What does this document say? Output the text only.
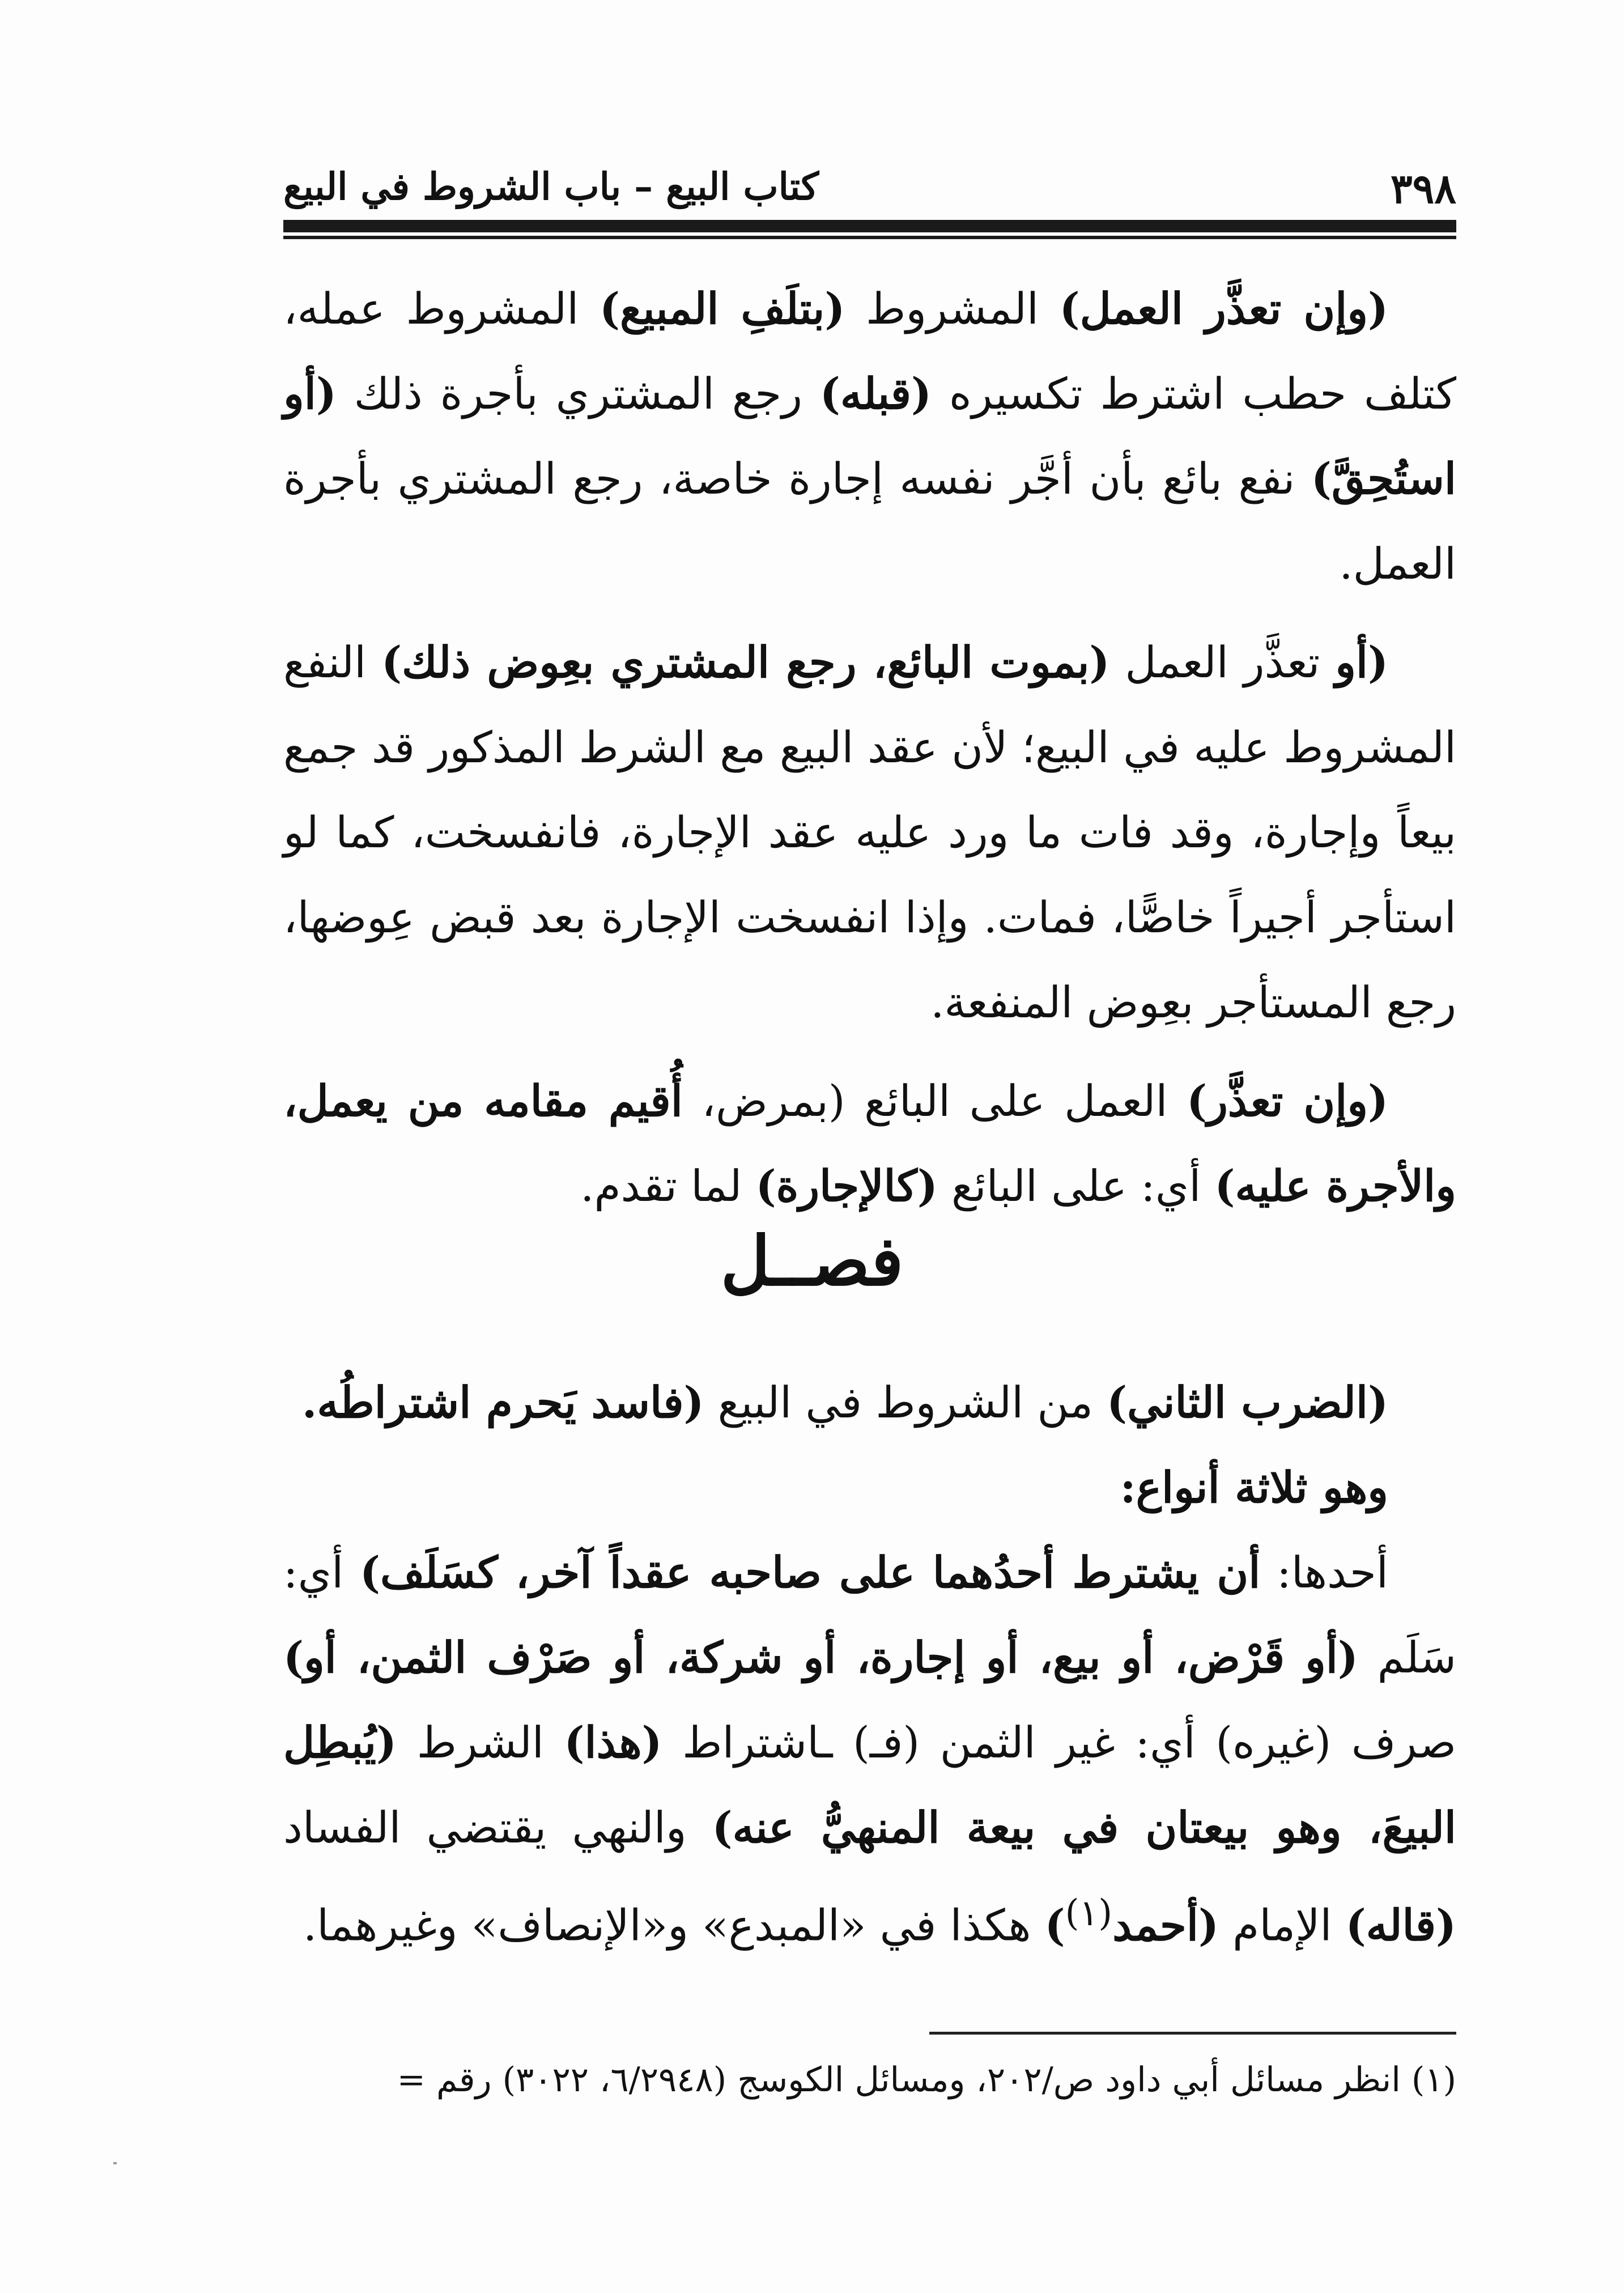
٣٩٨
كتاب البيع – باب الشروط في البيع

(وإن تعذَّر العمل) المشروط (بتلَفِ المبيع) المشروط عمله، كتلف حطب اشترط تكسيره (قبله) رجع المشتري بأجرة ذلك (أو استُحِقَّ) نفع بائع بأن أجَّر نفسه إجارة خاصة، رجع المشتري بأجرة العمل.

(أو تعذَّر العمل (بموت البائع، رجع المشتري بعِوض ذلك) النفع المشروط عليه في البيع؛ لأن عقد البيع مع الشرط المذكور قد جمع بيعاً وإجارة، وقد فات ما ورد عليه عقد الإجارة، فانفسخت، كما لو استأجر أجيراً خاصًّا، فمات. وإذا انفسخت الإجارة بعد قبض عِوضها، رجع المستأجر بعِوض المنفعة.

(وإن تعذَّر) العمل على البائع (بمرض، أُقيم مقامه من يعمل، والأجرة عليه) أي: على البائع (كالإجارة) لما تقدم.

فصــل

(الضرب الثاني) من الشروط في البيع (فاسد يَحرم اشتراطُه.

وهو ثلاثة أنواع:

أحدها: أن يشترط أحدُهما على صاحبه عقداً آخر، كسَلَف) أي: سَلَم (أو قَرْض، أو بيع، أو إجارة، أو شركة، أو صَرْف الثمن، أو) صرف (غيره) أي: غير الثمن (فـ) ـاشتراط (هذا) الشرط (يُبطِل البيعَ، وهو بيعتان في بيعة المنهيُّ عنه) والنهي يقتضي الفساد (قاله) الإمام (أحمد$^{(١)}$) هكذا في «المبدع» و«الإنصاف» وغيرهما.

(١) انظر مسائل أبي داود ص/٢٠٢، ومسائل الكوسج (٦/٢٩٤٨، ٣٠٢٢) رقم =
